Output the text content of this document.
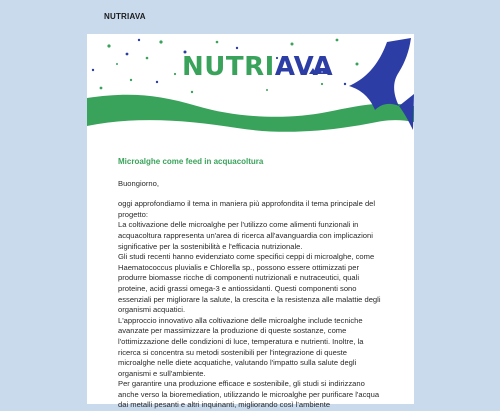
NUTRIAVA
NUTRIAVA

Microalghe come feed in acquacoltura

Buongiorno,

oggi approfondiamo il tema in maniera più approfondita il tema principale del progetto:

La coltivazione delle microalghe per l'utilizzo come alimenti funzionali in acquacoltura rappresenta un'area di ricerca all'avanguardia con implicazioni significative per la sostenibilità e l'efficacia nutrizionale.

Gli studi recenti hanno evidenziato come specifici ceppi di microalghe, come Haematococcus pluvialis e Chlorella sp., possono essere ottimizzati per produrre biomasse ricche di componenti nutrizionali e nutraceutici, quali proteine, acidi grassi omega-3 e antiossidanti. Questi componenti sono essenziali per migliorare la salute, la crescita e la resistenza alle malattie degli organismi acquatici.

L'approccio innovativo alla coltivazione delle microalghe include tecniche avanzate per massimizzare la produzione di queste sostanze, come l'ottimizzazione delle condizioni di luce, temperatura e nutrienti. Inoltre, la ricerca si concentra su metodi sostenibili per l'integrazione di queste microalghe nelle diete acquatiche, valutando l'impatto sulla salute degli organismi e sull'ambiente.

Per garantire una produzione efficace e sostenibile, gli studi si indirizzano anche verso la bioremediation, utilizzando le microalghe per purificare l'acqua dai metalli pesanti e altri inquinanti, migliorando così l'ambiente
